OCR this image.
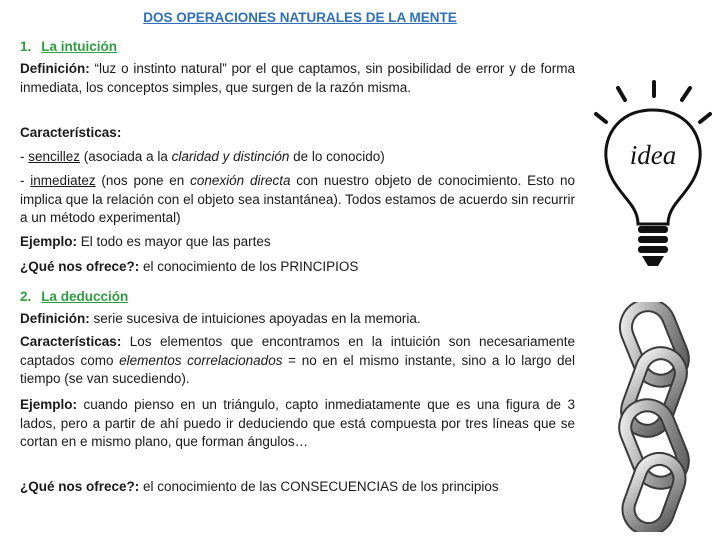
DOS OPERACIONES NATURALES DE LA MENTE
1. La intuición
Definición: “luz o instinto natural” por el que captamos, sin posibilidad de error y de forma inmediata, los conceptos simples, que surgen de la razón misma.
Características:
- sencillez (asociada a la claridad y distinción de lo conocido)
- inmediatez (nos pone en conexión directa con nuestro objeto de conocimiento. Esto no implica que la relación con el objeto sea instantánea). Todos estamos de acuerdo sin recurrir a un método experimental)
Ejemplo: El todo es mayor que las partes
¿Qué nos ofrece?: el conocimiento de los PRINCIPIOS
2. La deducción
Definición: serie sucesiva de intuiciones apoyadas en la memoria.
Características: Los elementos que encontramos en la intuición son necesariamente captados como elementos correlacionados = no en el mismo instante, sino a lo largo del tiempo (se van sucediendo).
Ejemplo: cuando pienso en un triángulo, capto inmediatamente que es una figura de 3 lados, pero a partir de ahí puedo ir deduciendo que está compuesta por tres líneas que se cortan en e mismo plano, que forman ángulos…
¿Qué nos ofrece?: el conocimiento de las CONSECUENCIAS de los principios
idea
